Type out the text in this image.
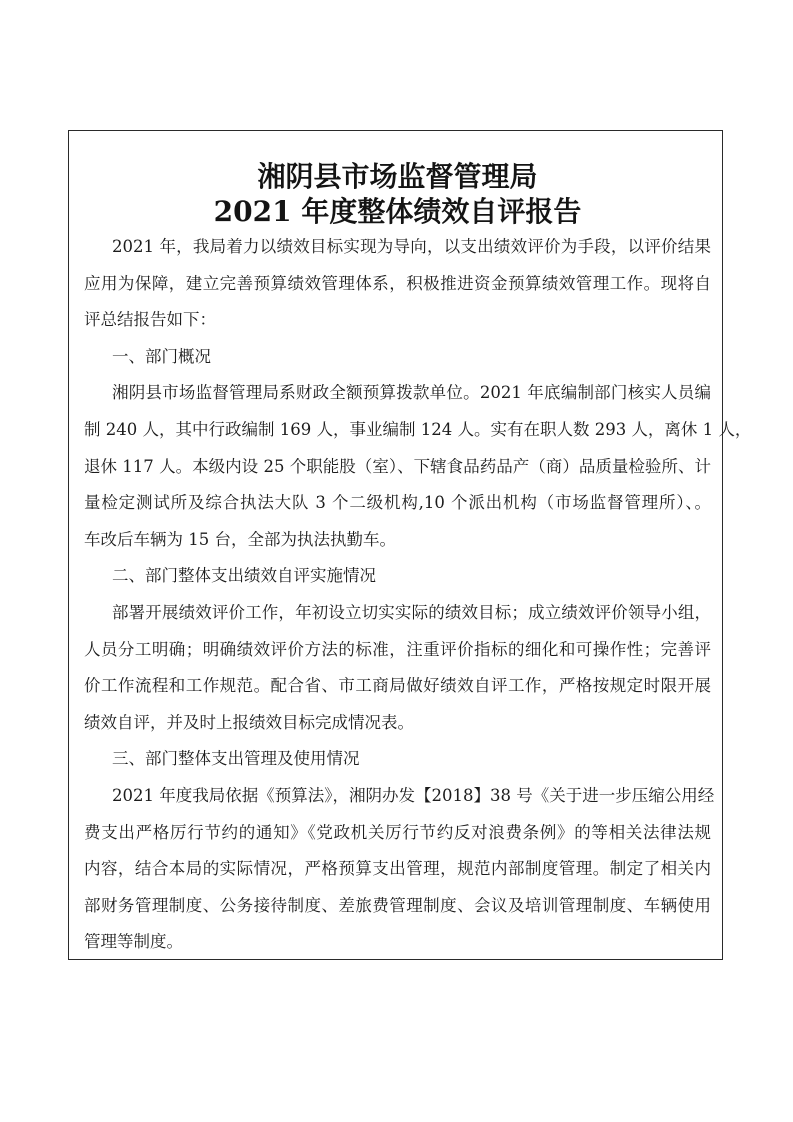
湘阴县市场监督管理局
2021 年度整体绩效自评报告
2021 年，我局着力以绩效目标实现为导向，以支出绩效评价为手段，以评价结果
应用为保障，建立完善预算绩效管理体系，积极推进资金预算绩效管理工作。现将自
评总结报告如下：
一、部门概况
湘阴县市场监督管理局系财政全额预算拨款单位。2021 年底编制部门核实人员编
制 240 人，其中行政编制 169 人，事业编制 124 人。实有在职人数 293 人，离休 1 人，
退休 117 人。本级内设 25 个职能股（室）、下辖食品药品产（商）品质量检验所、计
量检定测试所及综合执法大队 3 个二级机构,10 个派出机构（市场监督管理所）、。
车改后车辆为 15 台，全部为执法执勤车。
二、部门整体支出绩效自评实施情况
部署开展绩效评价工作，年初设立切实实际的绩效目标；成立绩效评价领导小组，
人员分工明确；明确绩效评价方法的标准，注重评价指标的细化和可操作性；完善评
价工作流程和工作规范。配合省、市工商局做好绩效自评工作，严格按规定时限开展
绩效自评，并及时上报绩效目标完成情况表。
三、部门整体支出管理及使用情况
2021 年度我局依据《预算法》，湘阴办发【2018】38 号《关于进一步压缩公用经
费支出严格厉行节约的通知》《党政机关厉行节约反对浪费条例》的等相关法律法规
内容，结合本局的实际情况，严格预算支出管理，规范内部制度管理。制定了相关内
部财务管理制度、公务接待制度、差旅费管理制度、会议及培训管理制度、车辆使用
管理等制度。
